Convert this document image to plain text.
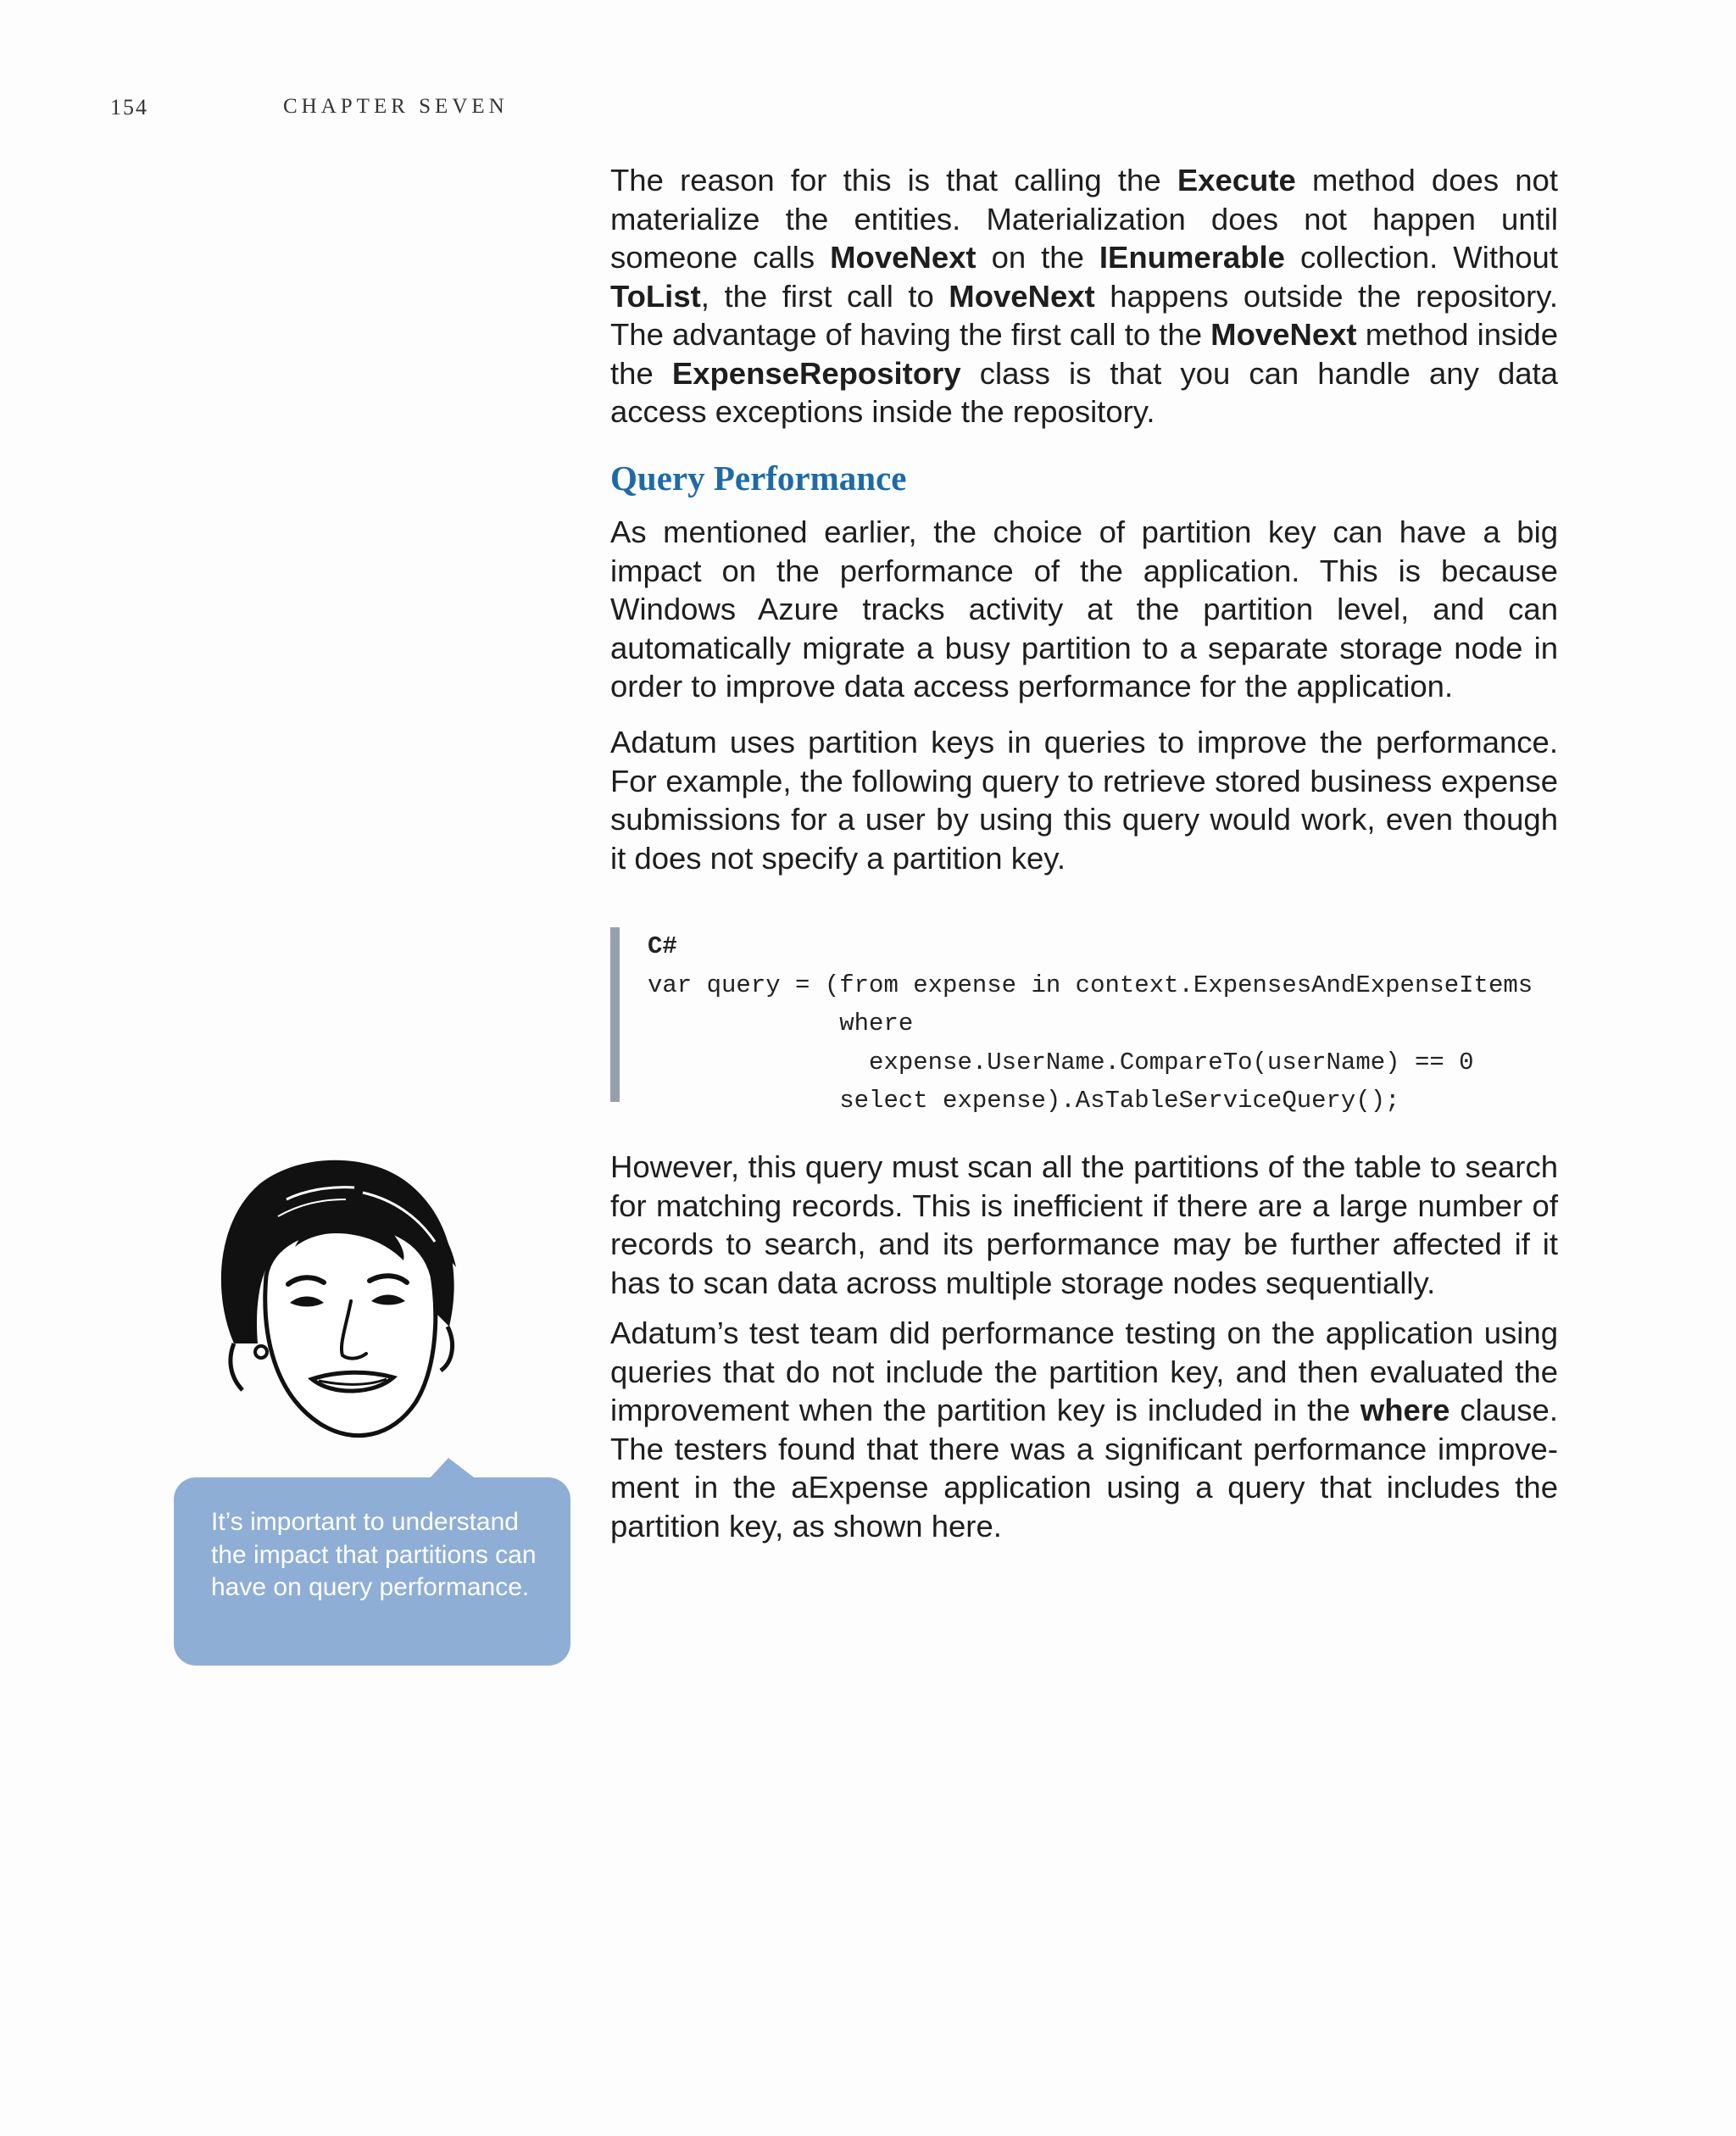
154	CHAPTER SEVEN

The reason for this is that calling the Execute method does not materialize the entities. Materialization does not happen until someone calls MoveNext on the IEnumerable collection. Without ToList, the first call to MoveNext happens outside the repository. The advantage of having the first call to the MoveNext method inside the ExpenseRepository class is that you can handle any data access exceptions inside the repository.

Query Performance

As mentioned earlier, the choice of partition key can have a big impact on the performance of the application. This is because Windows Azure tracks activity at the partition level, and can automatically migrate a busy partition to a separate storage node in order to improve data access performance for the application.

Adatum uses partition keys in queries to improve the performance. For example, the following query to retrieve stored business expense submissions for a user by using this query would work, even though it does not specify a partition key.

C#
var query = (from expense in context.ExpensesAndExpenseItems
where
expense.UserName.CompareTo(userName) == 0
select expense).AsTableServiceQuery();

However, this query must scan all the partitions of the table to search for matching records. This is inefficient if there are a large number of records to search, and its performance may be further affected if it has to scan data across multiple storage nodes sequentially.

Adatum’s test team did performance testing on the application using queries that do not include the partition key, and then evaluated the improvement when the partition key is included in the where clause. The testers found that there was a significant performance improvement in the aExpense application using a query that includes the partition key, as shown here.

It’s important to understand the impact that partitions can have on query performance.
